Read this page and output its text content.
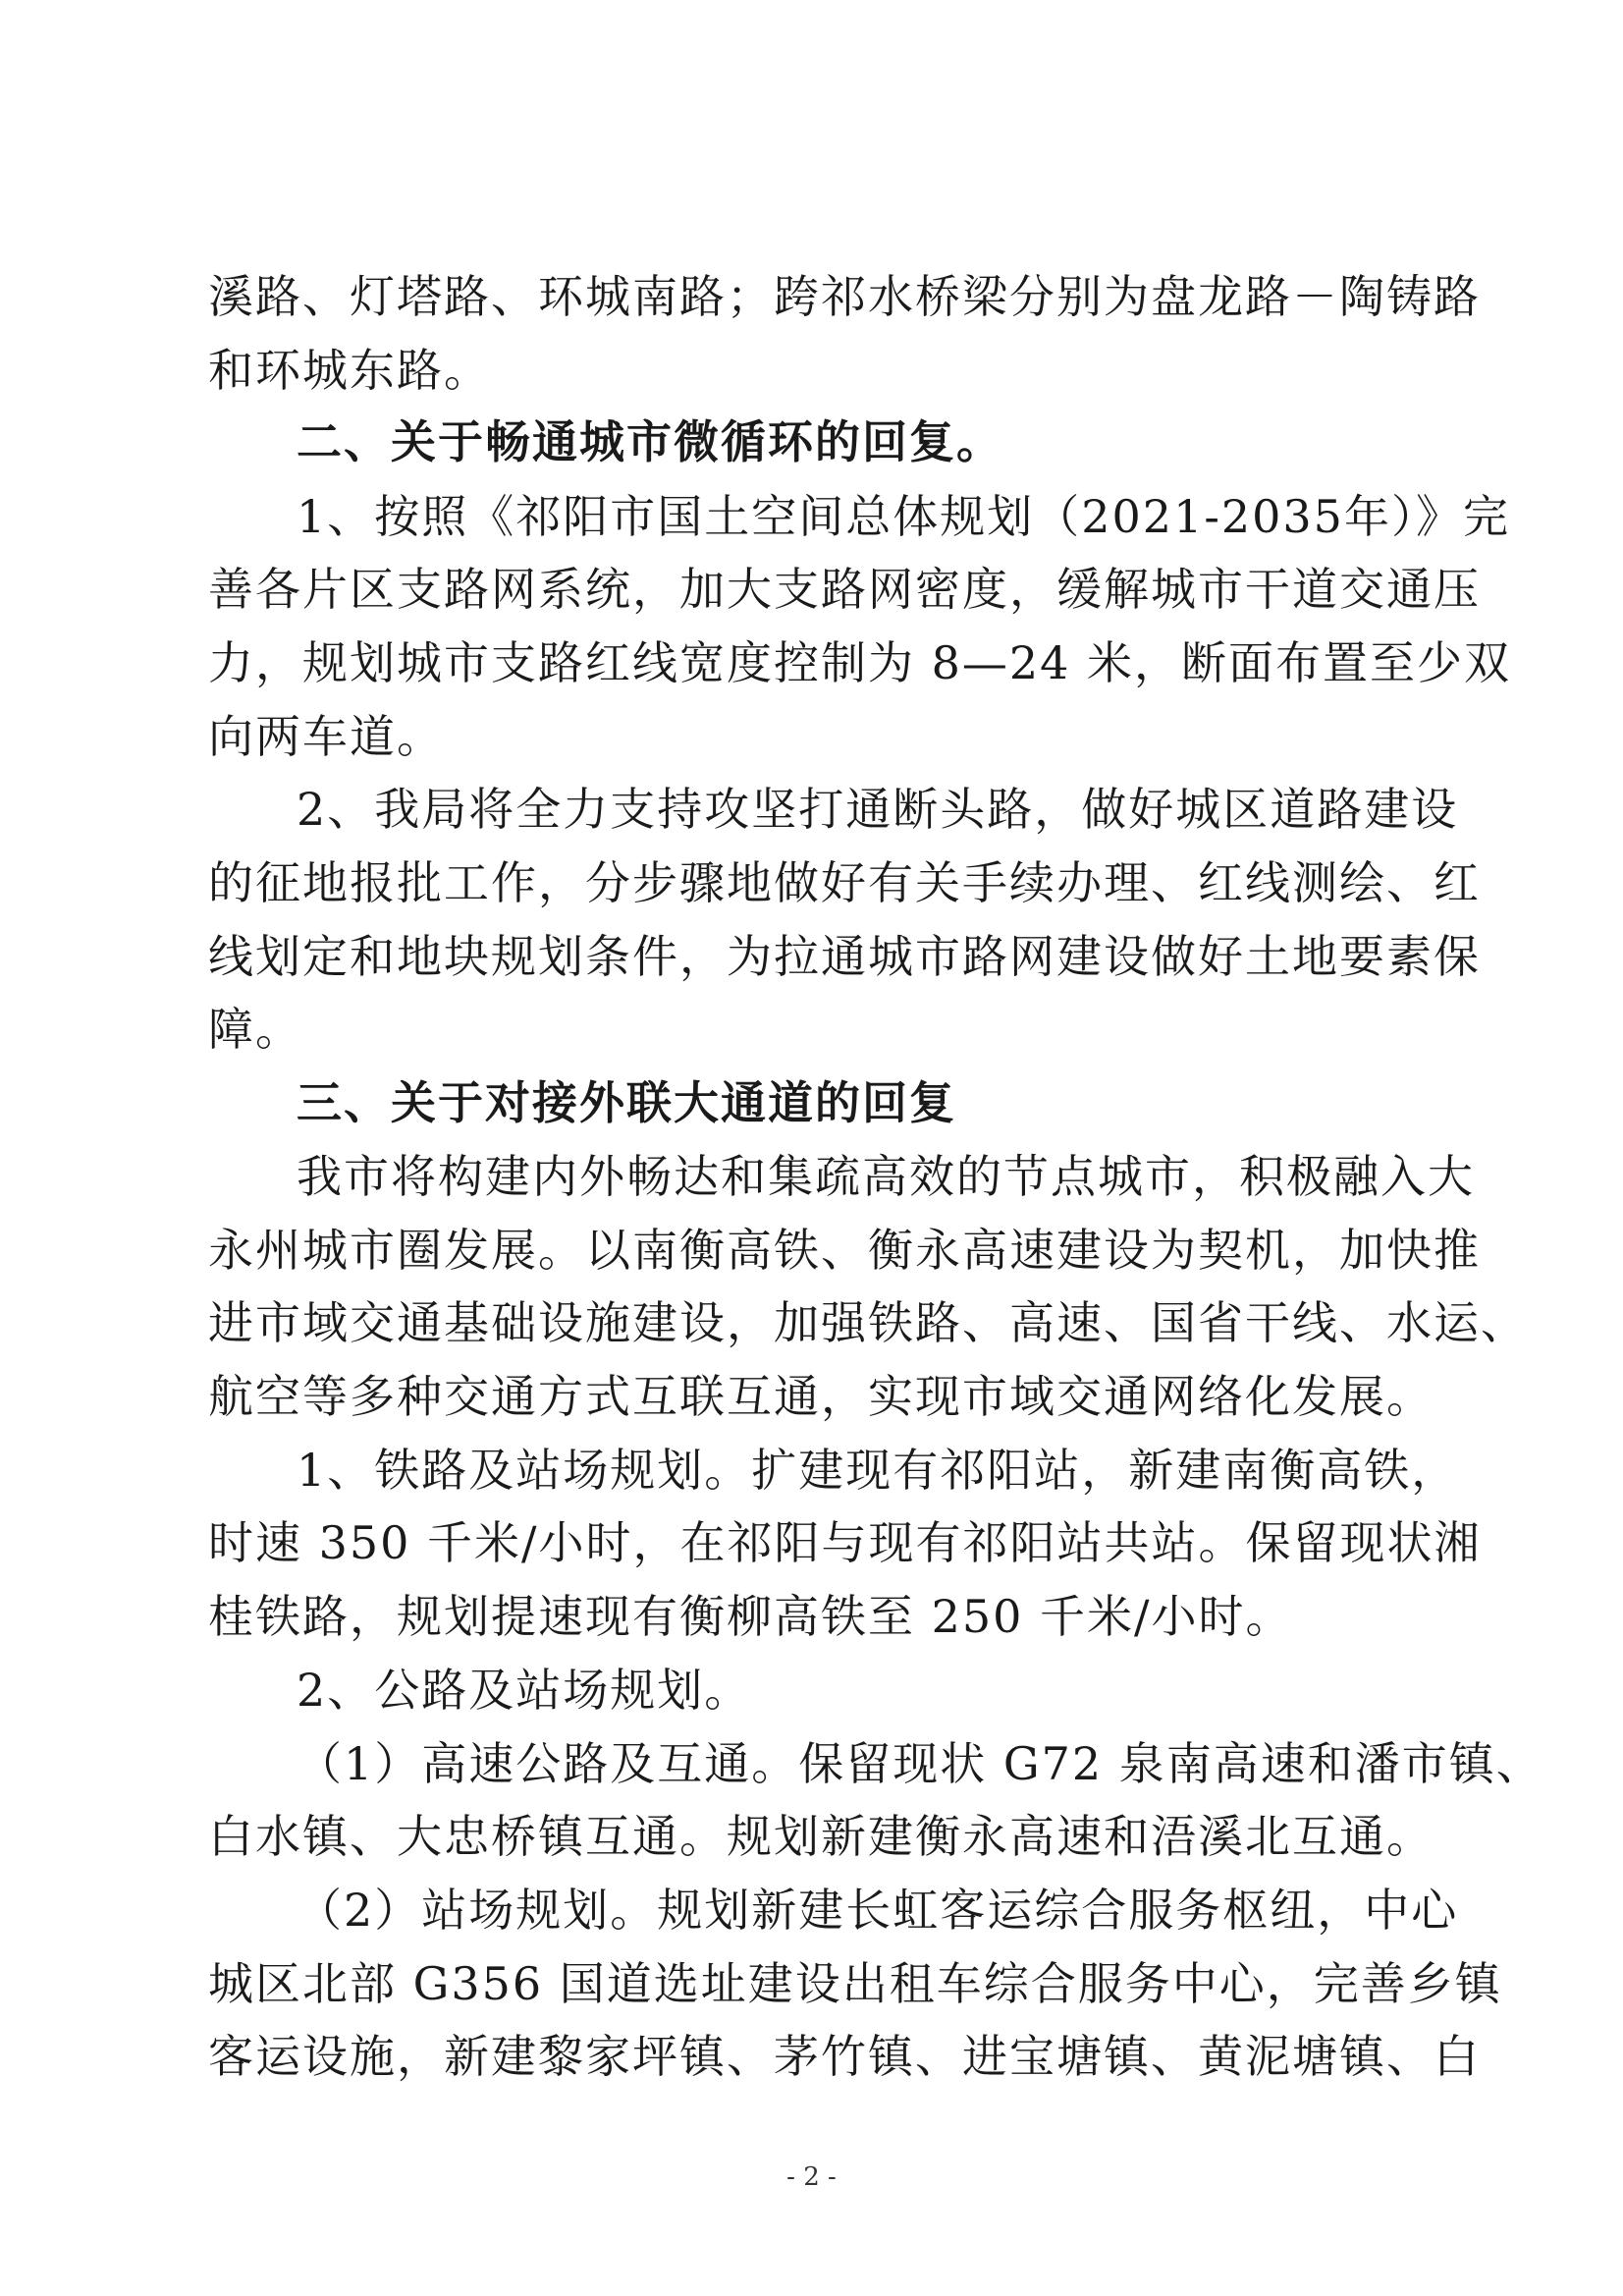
溪路、灯塔路、环城南路；跨祁水桥梁分别为盘龙路－陶铸路
和环城东路。
二、关于畅通城市微循环的回复。
1、按照《祁阳市国土空间总体规划（2021-2035年）》完
善各片区支路网系统，加大支路网密度，缓解城市干道交通压
力，规划城市支路红线宽度控制为 8—24 米，断面布置至少双
向两车道。
2、我局将全力支持攻坚打通断头路，做好城区道路建设
的征地报批工作，分步骤地做好有关手续办理、红线测绘、红
线划定和地块规划条件，为拉通城市路网建设做好土地要素保
障。
三、关于对接外联大通道的回复
我市将构建内外畅达和集疏高效的节点城市，积极融入大
永州城市圈发展。以南衡高铁、衡永高速建设为契机，加快推
进市域交通基础设施建设，加强铁路、高速、国省干线、水运、
航空等多种交通方式互联互通，实现市域交通网络化发展。
1、铁路及站场规划。扩建现有祁阳站，新建南衡高铁，
时速 350 千米/小时，在祁阳与现有祁阳站共站。保留现状湘
桂铁路，规划提速现有衡柳高铁至 250 千米/小时。
2、公路及站场规划。
（1）高速公路及互通。保留现状 G72 泉南高速和潘市镇、
白水镇、大忠桥镇互通。规划新建衡永高速和浯溪北互通。
（2）站场规划。规划新建长虹客运综合服务枢纽，中心
城区北部 G356 国道选址建设出租车综合服务中心，完善乡镇
客运设施，新建黎家坪镇、茅竹镇、进宝塘镇、黄泥塘镇、白
- 2 -
